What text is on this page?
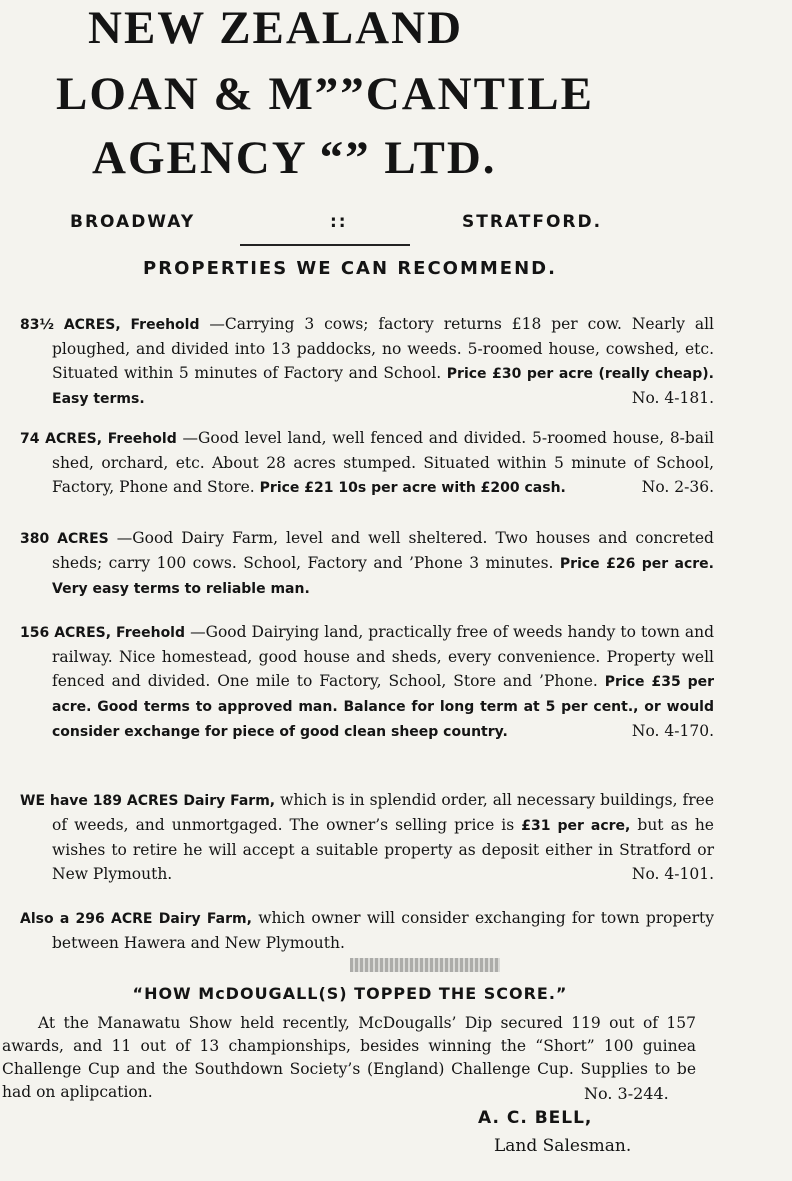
NEW ZEALAND
LOAN & M””CANTILE
AGENCY “” LTD.
BROADWAY	::	STRATFORD.
PROPERTIES WE CAN RECOMMEND.
83½ ACRES, Freehold —Carrying 3 cows; factory returns £18 per cow. Nearly all ploughed, and divided into 13 paddocks, no weeds. 5-roomed house, cowshed, etc. Situated within 5 minutes of Factory and School. Price £30 per acre (really cheap). Easy terms.	No. 4-181.
74 ACRES, Freehold —Good level land, well fenced and divided. 5-roomed house, 8-bail shed, orchard, etc. About 28 acres stumped. Situated within 5 minute of School, Factory, Phone and Store. Price £21 10s per acre with £200 cash.	No. 2-36.
380 ACRES —Good Dairy Farm, level and well sheltered. Two houses and concreted sheds; carry 100 cows. School, Factory and ’Phone 3 minutes. Price £26 per acre. Very easy terms to reliable man.
156 ACRES, Freehold —Good Dairying land, practically free of weeds handy to town and railway. Nice homestead, good house and sheds, every convenience. Property well fenced and divided. One mile to Factory, School, Store and ’Phone. Price £35 per acre. Good terms to approved man. Balance for long term at 5 per cent., or would consider exchange for piece of good clean sheep country.	No. 4-170.
WE have 189 ACRES Dairy Farm, which is in splendid order, all necessary buildings, free of weeds, and unmortgaged. The owner’s selling price is £31 per acre, but as he wishes to retire he will accept a suitable property as deposit either in Stratford or New Plymouth.	No. 4-101.
Also a 296 ACRE Dairy Farm, which owner will consider exchanging for town property between Hawera and New Plymouth.
“HOW McDOUGALL(S) TOPPED THE SCORE.”
At the Manawatu Show held recently, McDougalls’ Dip secured 119 out of 157 awards, and 11 out of 13 championships, besides winning the “Short” 100 guinea Challenge Cup and the Southdown Society’s (England) Challenge Cup. Supplies to be had on aplipcation.	No. 3-244.
A. C. BELL,
Land Salesman.
